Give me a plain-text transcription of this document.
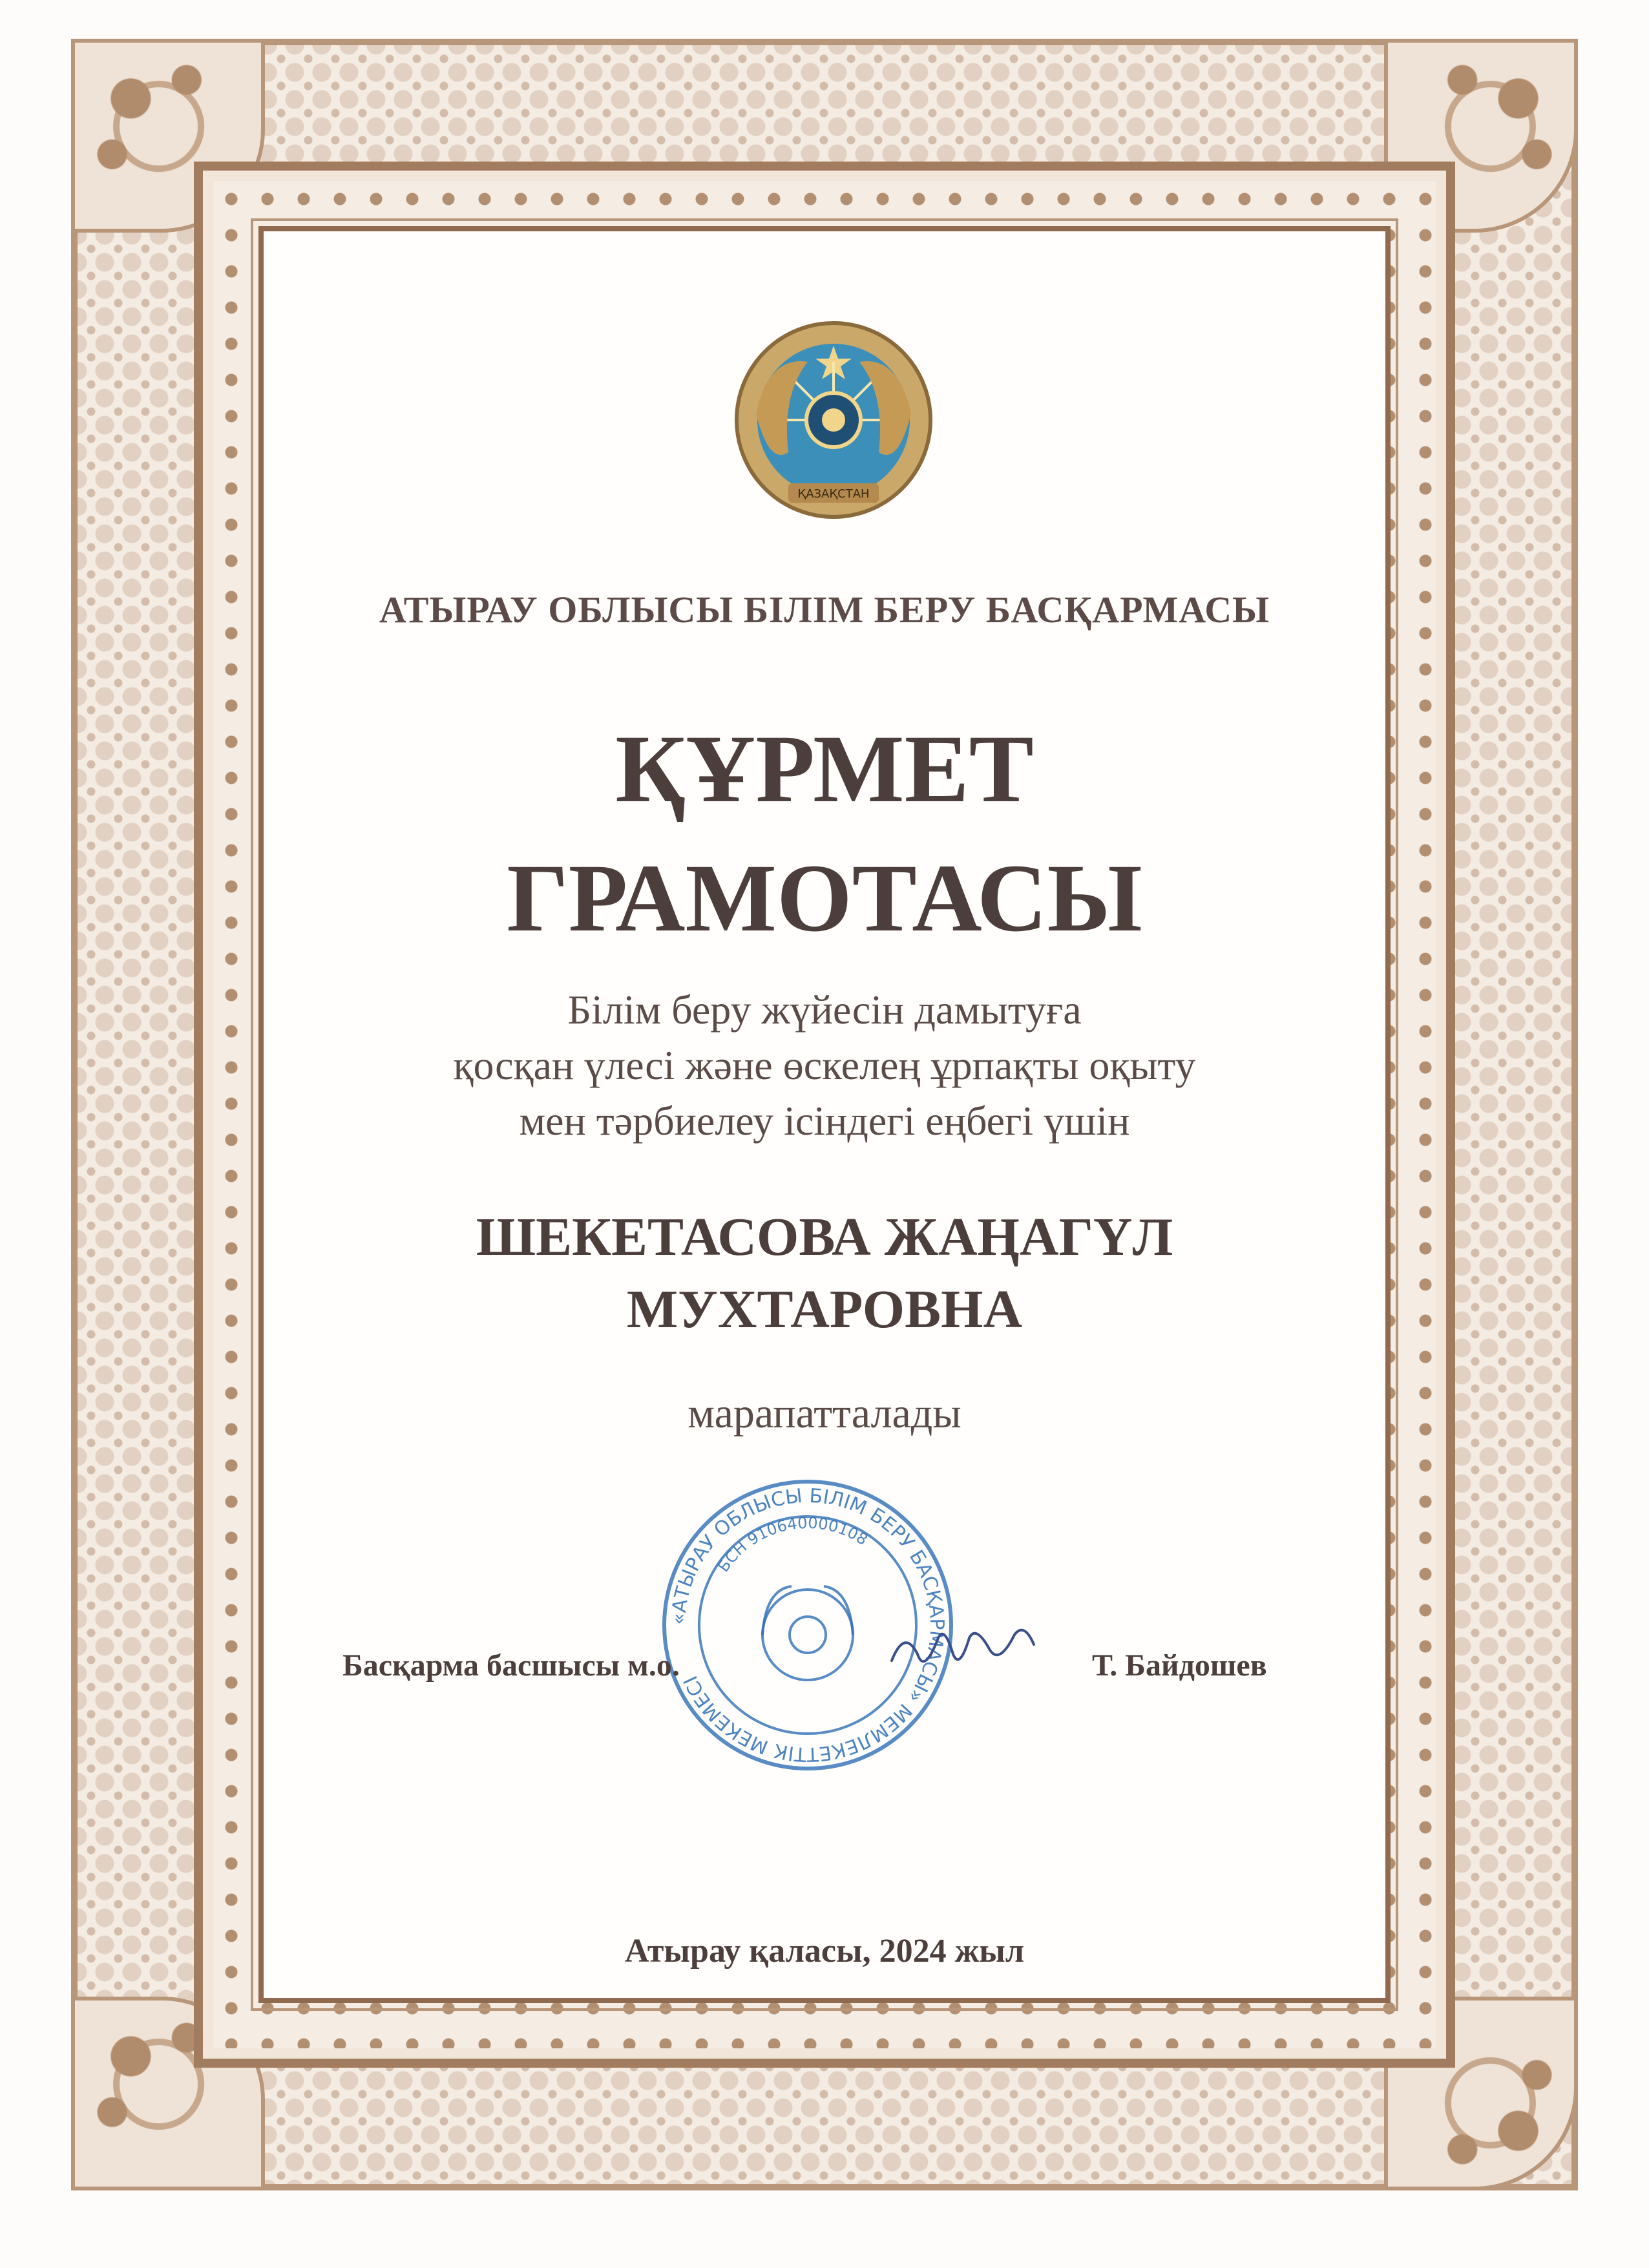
ҚАЗАҚСТАН
АТЫРАУ ОБЛЫСЫ БІЛІМ БЕРУ БАСҚАРМАСЫ
ҚҰРМЕТ
ГРАМОТАСЫ
Білім беру жүйесін дамытуға
қосқан үлесі және өскелең ұрпақты оқыту
мен тәрбиелеу ісіндегі еңбегі үшін
ШЕКЕТАСОВА ЖАҢАГҮЛ
МУХТАРОВНА
марапатталады
«АТЫРАУ ОБЛЫСЫ БІЛІМ БЕРУ БАСҚАРМАСЫ» МЕМЛЕКЕТТІК МЕКЕМЕСІ
БСН 910640000108
Басқарма басшысы м.о.	Т. Байдошев
Атырау қаласы, 2024 жыл
